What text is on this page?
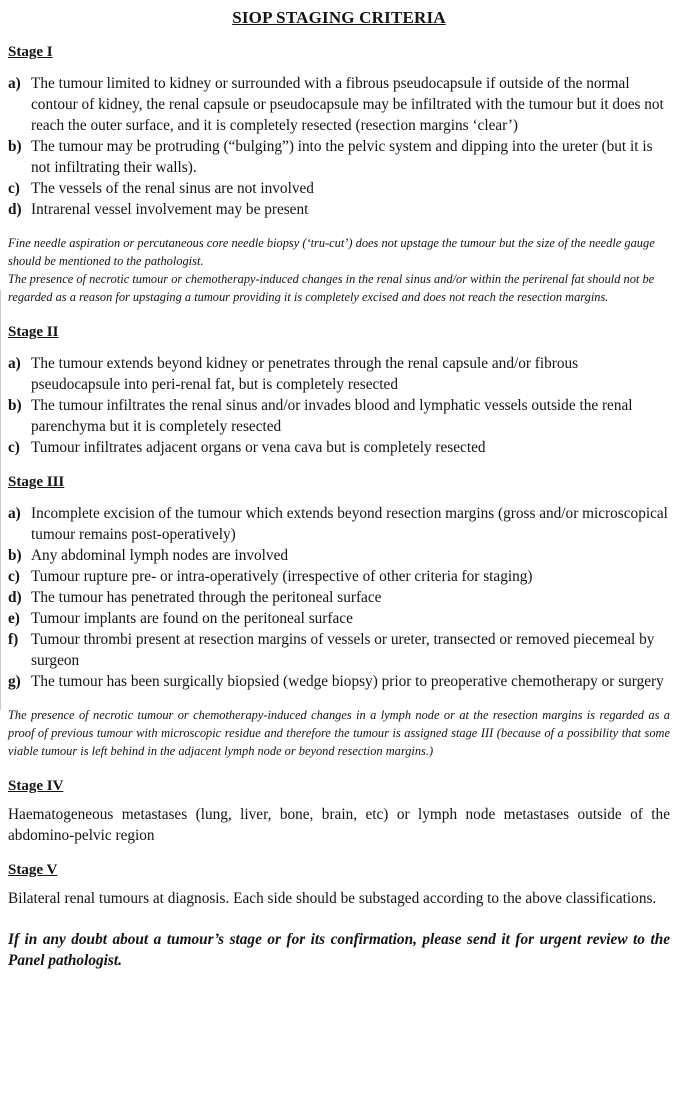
SIOP STAGING CRITERIA
Stage I
a) The tumour limited to kidney or surrounded with a fibrous pseudocapsule if outside of the normal contour of kidney, the renal capsule or pseudocapsule may be infiltrated with the tumour but it does not reach the outer surface, and it is completely resected (resection margins ‘clear’)
b) The tumour may be protruding (“bulging”) into the pelvic system and dipping into the ureter (but it is not infiltrating their walls).
c) The vessels of the renal sinus are not involved
d) Intrarenal vessel involvement may be present

Fine needle aspiration or percutaneous core needle biopsy (‘tru-cut’) does not upstage the tumour but the size of the needle gauge should be mentioned to the pathologist.

The presence of necrotic tumour or chemotherapy-induced changes in the renal sinus and/or within the perirenal fat should not be regarded as a reason for upstaging a tumour providing it is completely excised and does not reach the resection margins.

Stage II
a) The tumour extends beyond kidney or penetrates through the renal capsule and/or fibrous pseudocapsule into peri-renal fat, but is completely resected
b) The tumour infiltrates the renal sinus and/or invades blood and lymphatic vessels outside the renal parenchyma but it is completely resected
c) Tumour infiltrates adjacent organs or vena cava but is completely resected
Stage III
a) Incomplete excision of the tumour which extends beyond resection margins (gross and/or microscopical tumour remains post-operatively)
b) Any abdominal lymph nodes are involved
c) Tumour rupture pre- or intra-operatively (irrespective of other criteria for staging)
d) The tumour has penetrated through the peritoneal surface
e) Tumour implants are found on the peritoneal surface
f) Tumour thrombi present at resection margins of vessels or ureter, transected or removed piecemeal by surgeon
g) The tumour has been surgically biopsied (wedge biopsy) prior to preoperative chemotherapy or surgery

The presence of necrotic tumour or chemotherapy-induced changes in a lymph node or at the resection margins is regarded as a proof of previous tumour with microscopic residue and therefore the tumour is assigned stage III (because of a possibility that some viable tumour is left behind in the adjacent lymph node or beyond resection margins.)

Stage IV

Haematogeneous metastases (lung, liver, bone, brain, etc) or lymph node metastases outside of the abdomino-pelvic region

Stage V

Bilateral renal tumours at diagnosis. Each side should be substaged according to the above classifications.

If in any doubt about a tumour’s stage or for its confirmation, please send it for urgent review to the Panel pathologist.
